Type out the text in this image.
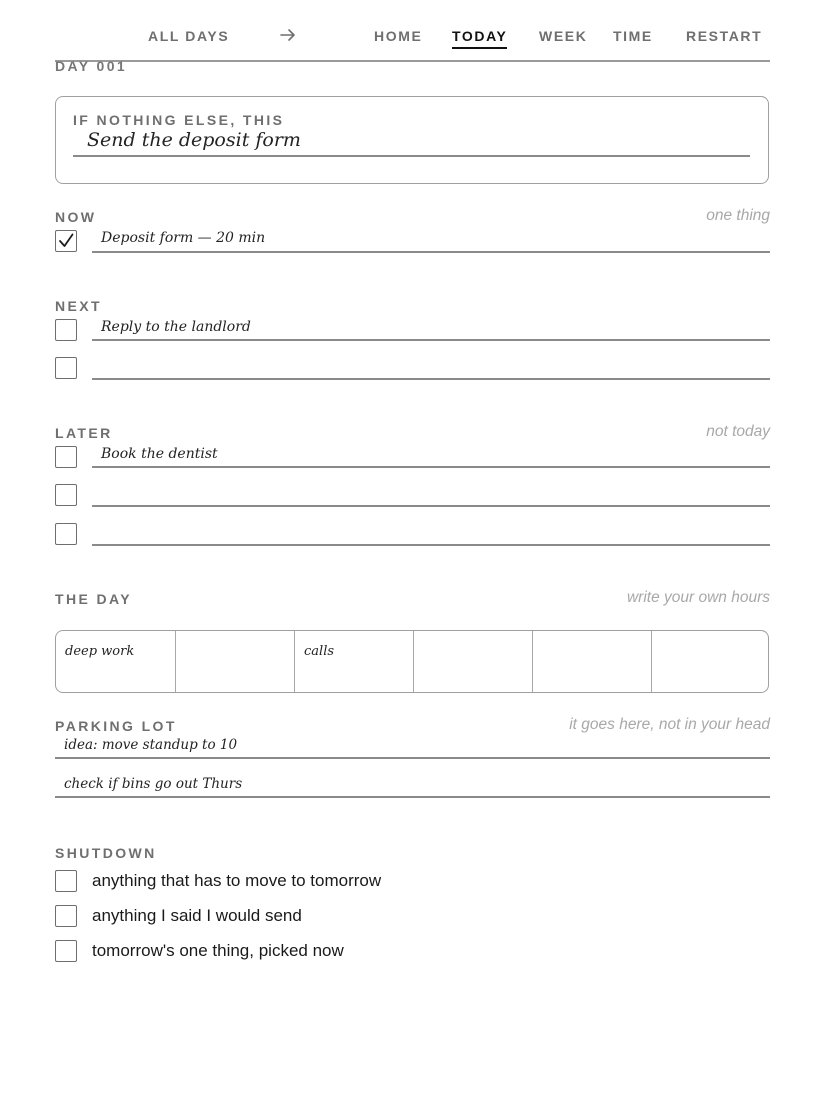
ALL DAYS	HOME TODAY WEEK TIME RESTART
DAY 001
IF NOTHING ELSE, THIS
Send the deposit form
NOW	one thing
Deposit form — 20 min
NEXT
Reply to the landlord
LATER	not today
Book the dentist
THE DAY	write your own hours
deep work	calls
PARKING LOT	it goes here, not in your head
idea: move standup to 10
check if bins go out Thurs
SHUTDOWN
anything that has to move to tomorrow
anything I said I would send
tomorrow's one thing, picked now
